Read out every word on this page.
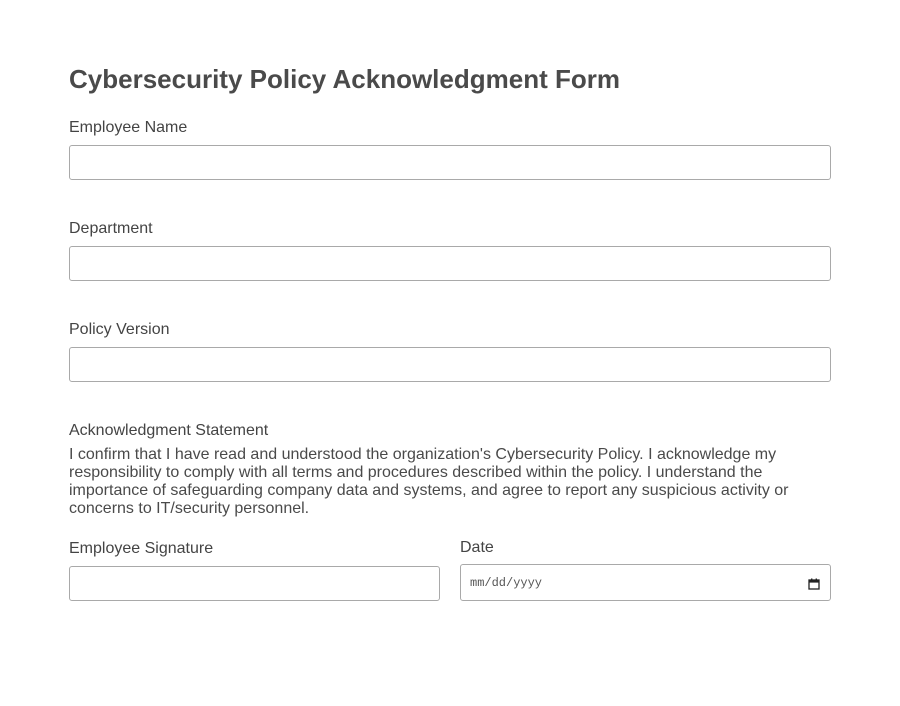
Cybersecurity Policy Acknowledgment Form
Employee Name
Department
Policy Version
Acknowledgment Statement
I confirm that I have read and understood the organization's Cybersecurity Policy. I acknowledge my responsibility to comply with all terms and procedures described within the policy. I understand the importance of safeguarding company data and systems, and agree to report any suspicious activity or concerns to IT/security personnel.
Employee Signature	Date
mm/dd/yyyy
